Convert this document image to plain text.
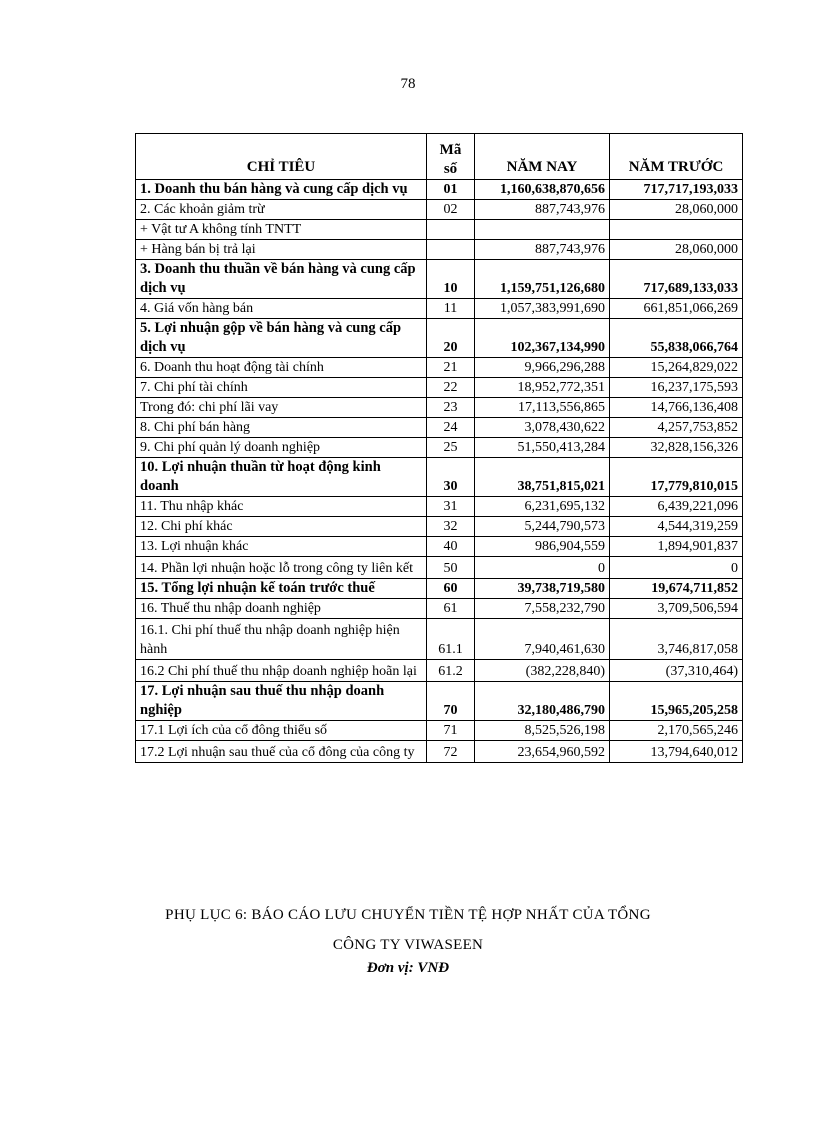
78
CHỈ TIÊU	Mã số	NĂM NAY	NĂM TRƯỚC
1. Doanh thu bán hàng và cung cấp dịch vụ	01	1,160,638,870,656	717,717,193,033
2. Các khoản giảm trừ	02	887,743,976	28,060,000
+ Vật tư A không tính TNTT			
+ Hàng bán bị trả lại		887,743,976	28,060,000
3. Doanh thu thuần về bán hàng và cung cấp dịch vụ	10	1,159,751,126,680	717,689,133,033
4. Giá vốn hàng bán	11	1,057,383,991,690	661,851,066,269
5. Lợi nhuận gộp về bán hàng và cung cấp dịch vụ	20	102,367,134,990	55,838,066,764
6. Doanh thu hoạt động tài chính	21	9,966,296,288	15,264,829,022
7. Chi phí tài chính	22	18,952,772,351	16,237,175,593
Trong đó: chi phí lãi vay	23	17,113,556,865	14,766,136,408
8. Chi phí bán hàng	24	3,078,430,622	4,257,753,852
9. Chi phí quản lý doanh nghiệp	25	51,550,413,284	32,828,156,326
10. Lợi nhuận thuần từ hoạt động kinh doanh	30	38,751,815,021	17,779,810,015
11. Thu nhập khác	31	6,231,695,132	6,439,221,096
12. Chi phí khác	32	5,244,790,573	4,544,319,259
13. Lợi nhuận khác	40	986,904,559	1,894,901,837
14. Phần lợi nhuận hoặc lỗ trong công ty liên kết	50	0	0
15. Tổng lợi nhuận kế toán trước thuế	60	39,738,719,580	19,674,711,852
16. Thuế thu nhập doanh nghiệp	61	7,558,232,790	3,709,506,594
16.1. Chi phí thuế thu nhập doanh nghiệp hiện hành	61.1	7,940,461,630	3,746,817,058
16.2 Chi phí thuế thu nhập doanh nghiệp hoãn lại	61.2	(382,228,840)	(37,310,464)
17. Lợi nhuận sau thuế thu nhập doanh nghiệp	70	32,180,486,790	15,965,205,258
17.1 Lợi ích của cổ đông thiểu số	71	8,525,526,198	2,170,565,246
17.2 Lợi nhuận sau thuế của cổ đông của công ty	72	23,654,960,592	13,794,640,012
PHỤ LỤC 6: BÁO CÁO LƯU CHUYỂN TIỀN TỆ HỢP NHẤT CỦA TỔNG
CÔNG TY VIWASEEN
Đơn vị: VNĐ
